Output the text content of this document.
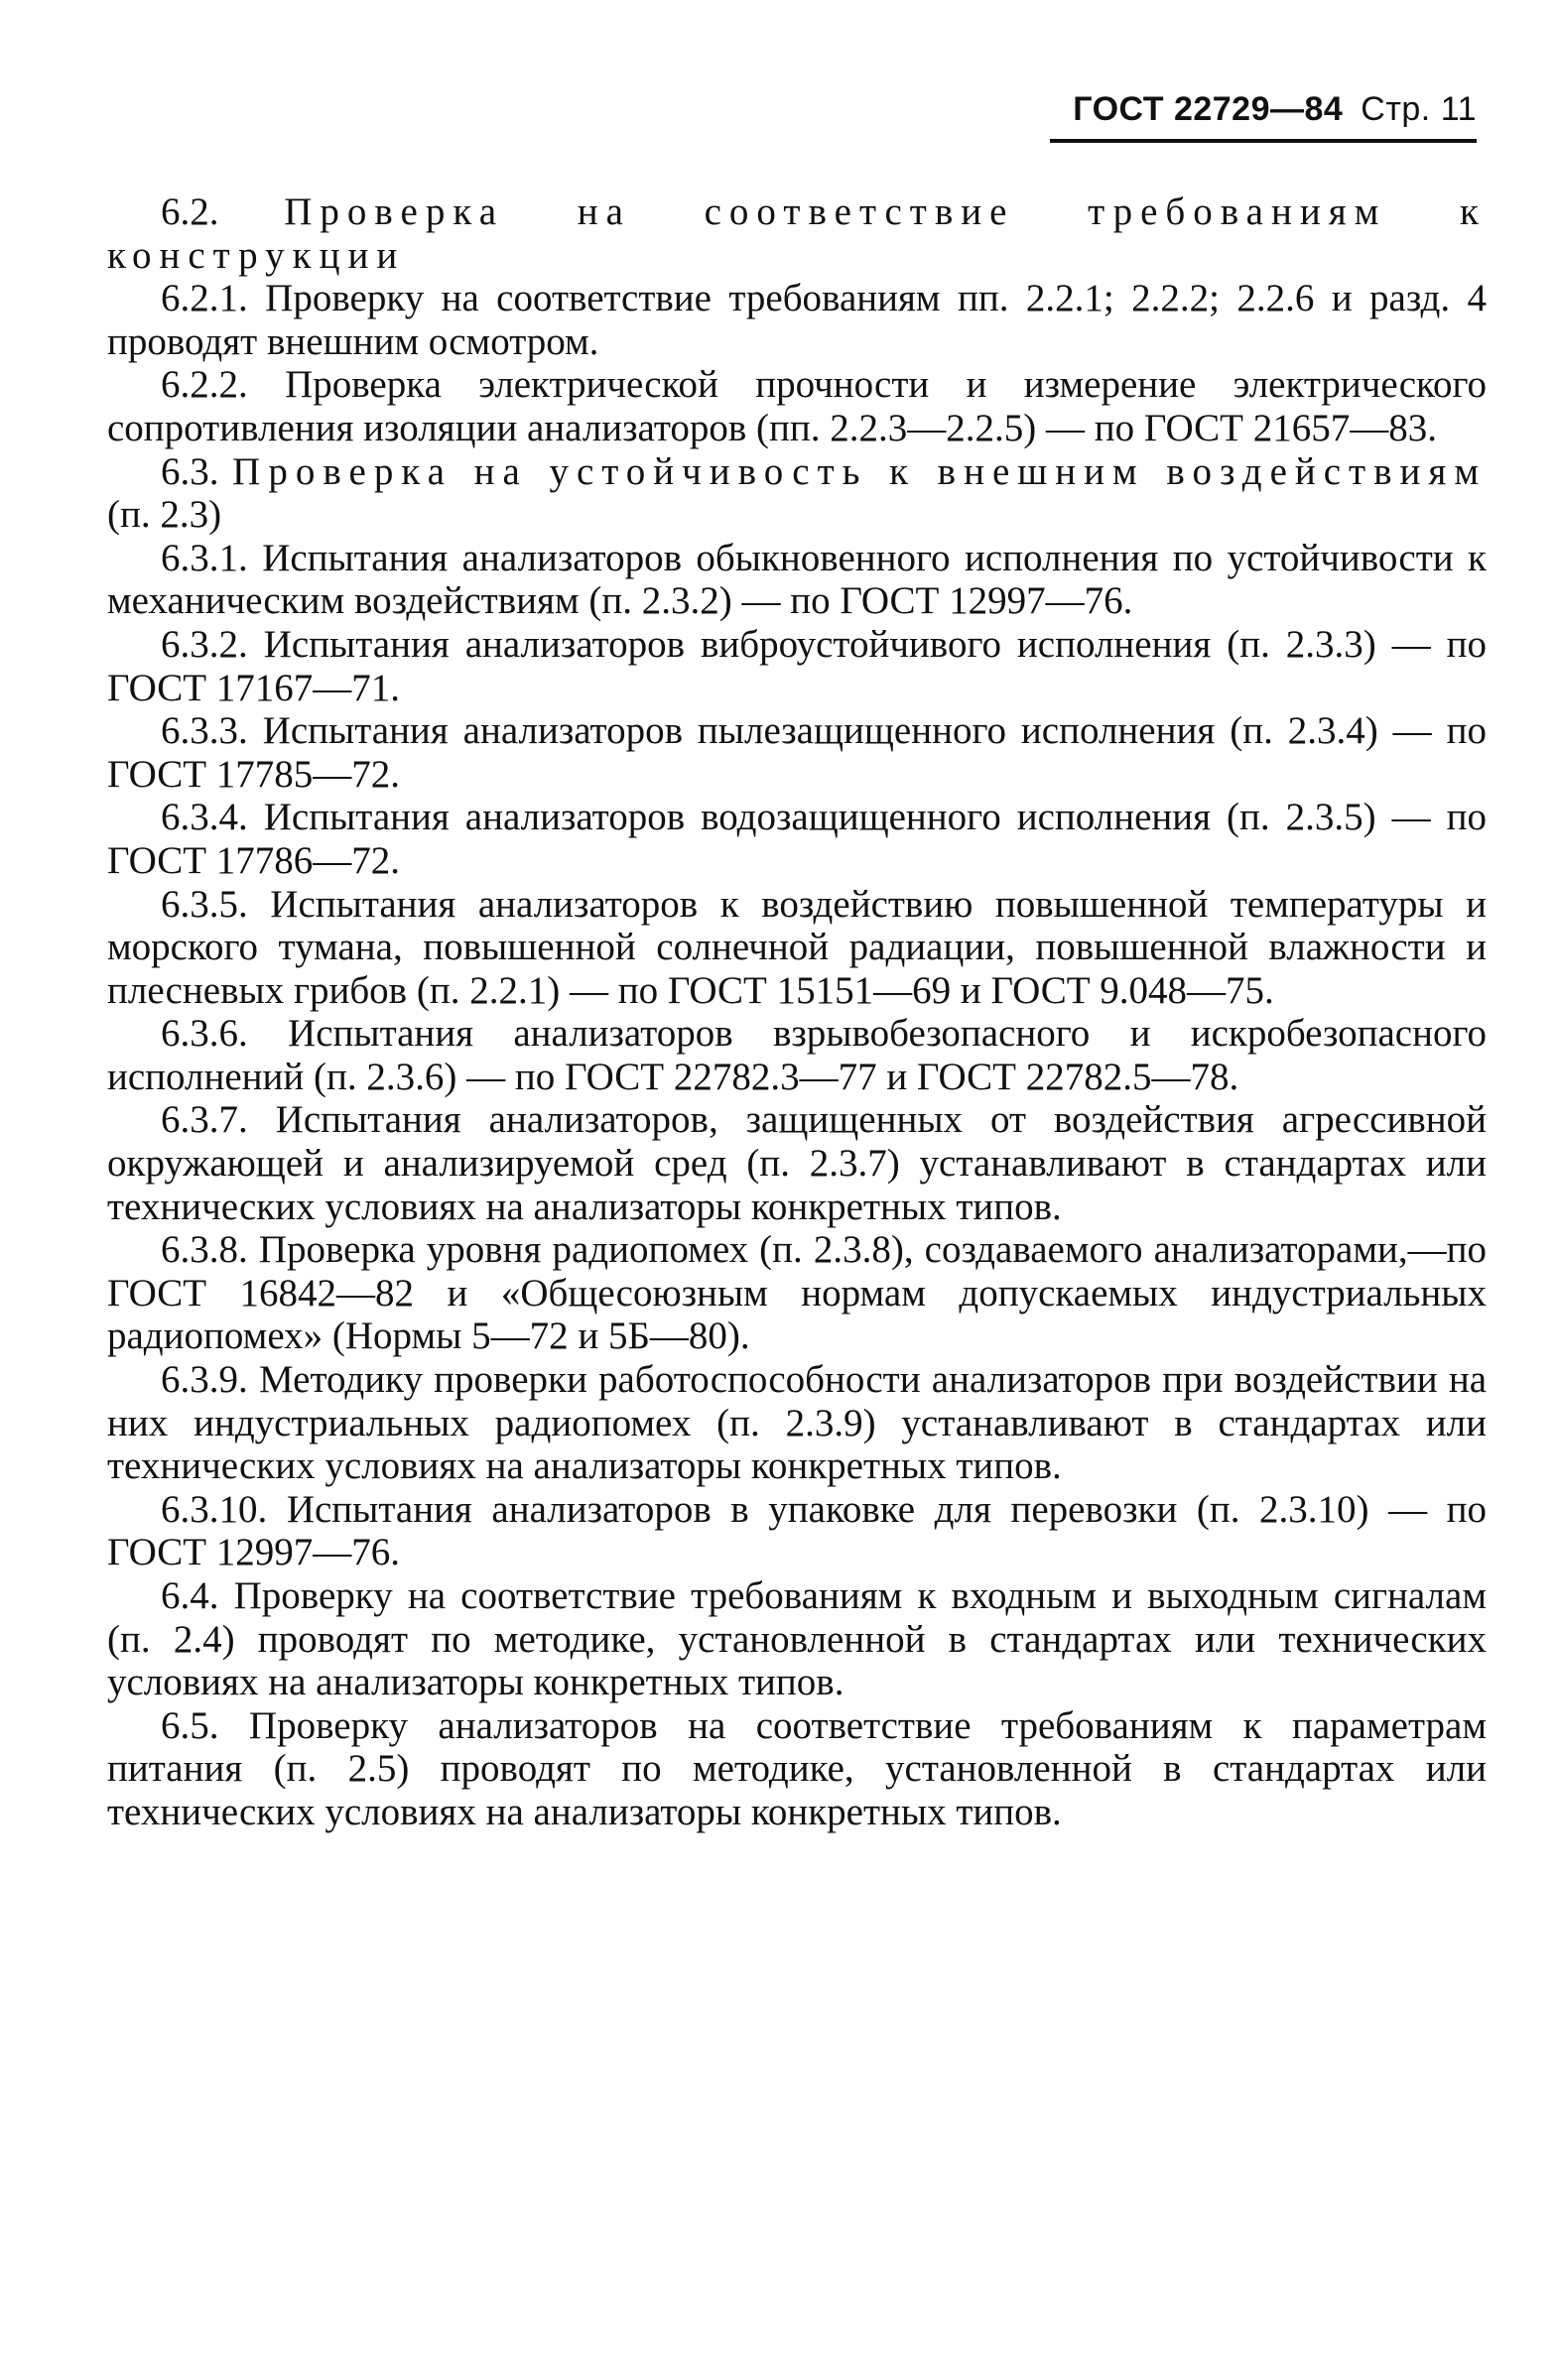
ГОСТ 22729—84 Стр. 11

6.2. Проверка на соответствие требованиям к конструкции

6.2.1. Проверку на соответствие требованиям пп. 2.2.1; 2.2.2; 2.2.6 и разд. 4 проводят внешним осмотром.

6.2.2. Проверка электрической прочности и измерение электрического сопротивления изоляции анализаторов (пп. 2.2.3—2.2.5) — по ГОСТ 21657—83.

6.3. Проверка на устойчивость к внешним воздействиям (п. 2.3)

6.3.1. Испытания анализаторов обыкновенного исполнения по устойчивости к механическим воздействиям (п. 2.3.2) — по ГОСТ 12997—76.

6.3.2. Испытания анализаторов виброустойчивого исполнения (п. 2.3.3) — по ГОСТ 17167—71.

6.3.3. Испытания анализаторов пылезащищенного исполнения (п. 2.3.4) — по ГОСТ 17785—72.

6.3.4. Испытания анализаторов водозащищенного исполнения (п. 2.3.5) — по ГОСТ 17786—72.

6.3.5. Испытания анализаторов к воздействию повышенной температуры и морского тумана, повышенной солнечной радиации, повышенной влажности и плесневых грибов (п. 2.2.1) — по ГОСТ 15151—69 и ГОСТ 9.048—75.

6.3.6. Испытания анализаторов взрывобезопасного и искробезопасного исполнений (п. 2.3.6) — по ГОСТ 22782.3—77 и ГОСТ 22782.5—78.

6.3.7. Испытания анализаторов, защищенных от воздействия агрессивной окружающей и анализируемой сред (п. 2.3.7) устанавливают в стандартах или технических условиях на анализаторы конкретных типов.

6.3.8. Проверка уровня радиопомех (п. 2.3.8), создаваемого анализаторами,—по ГОСТ 16842—82 и «Общесоюзным нормам допускаемых индустриальных радиопомех» (Нормы 5—72 и 5Б—80).

6.3.9. Методику проверки работоспособности анализаторов при воздействии на них индустриальных радиопомех (п. 2.3.9) устанавливают в стандартах или технических условиях на анализаторы конкретных типов.

6.3.10. Испытания анализаторов в упаковке для перевозки (п. 2.3.10) — по ГОСТ 12997—76.

6.4. Проверку на соответствие требованиям к входным и выходным сигналам (п. 2.4) проводят по методике, установленной в стандартах или технических условиях на анализаторы конкретных типов.

6.5. Проверку анализаторов на соответствие требованиям к параметрам питания (п. 2.5) проводят по методике, установленной в стандартах или технических условиях на анализаторы конкретных типов.
